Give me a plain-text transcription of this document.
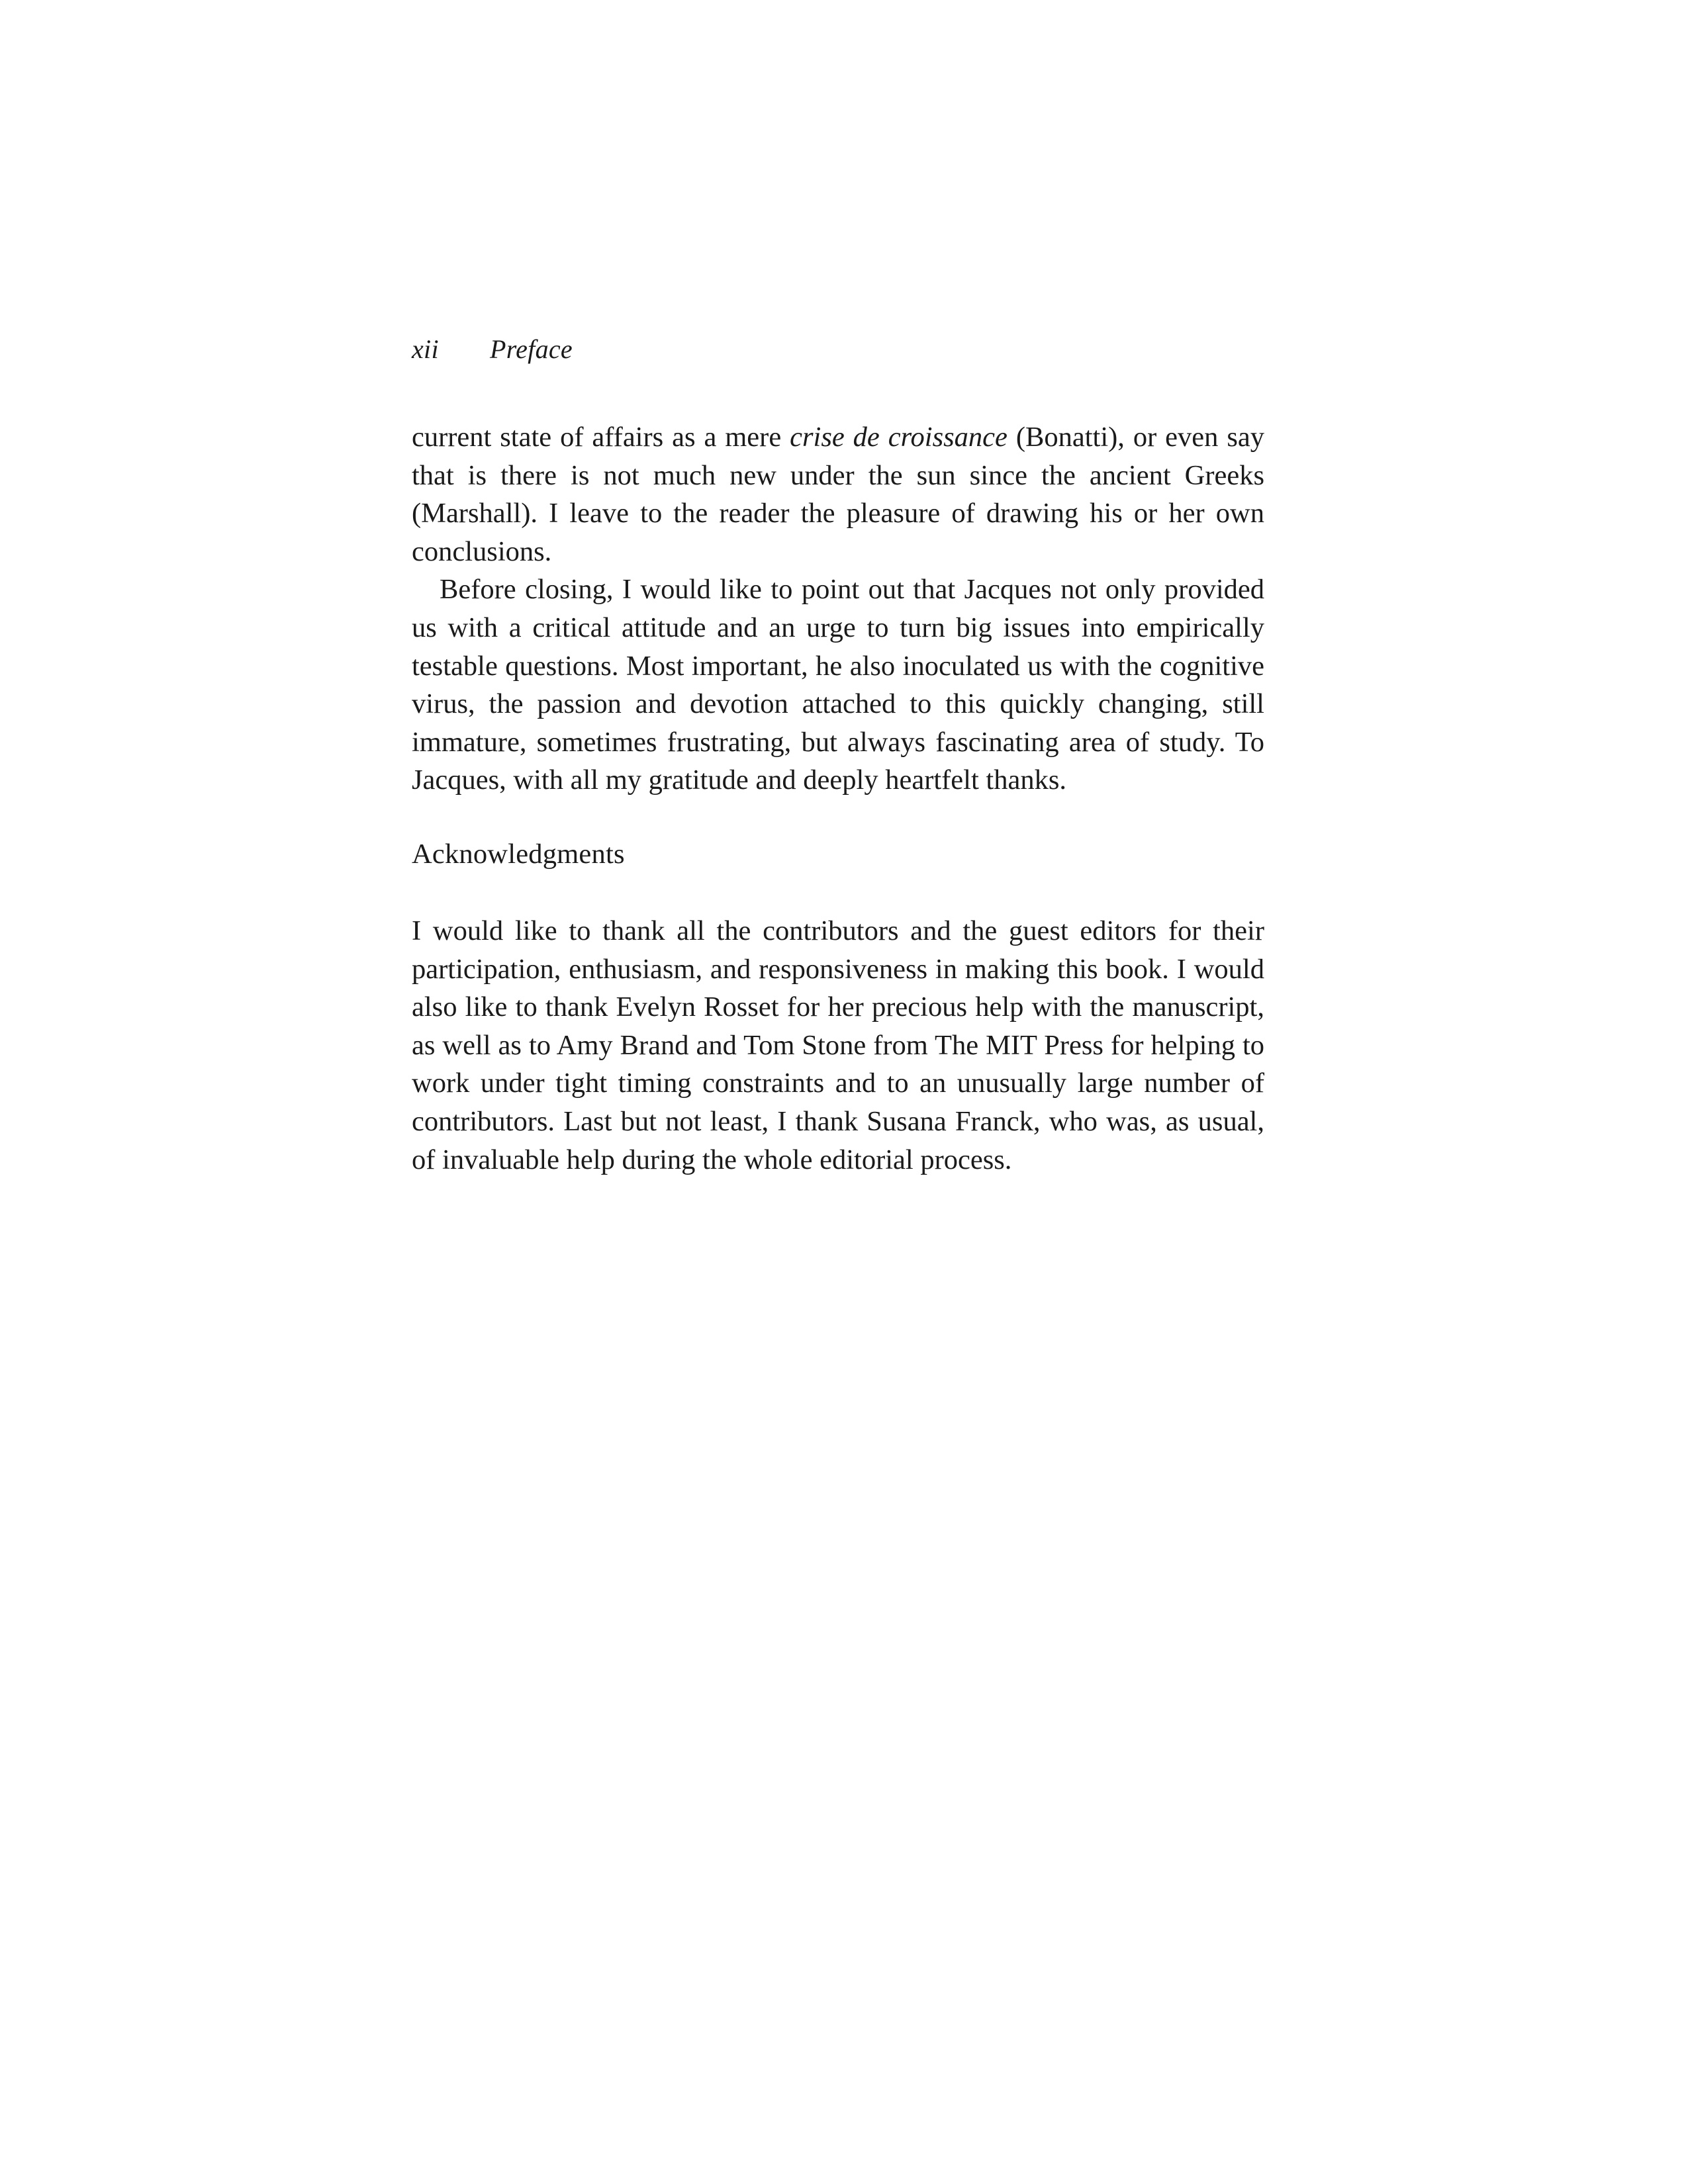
xii Preface

current state of affairs as a mere crise de croissance (Bonatti), or even say that is there is not much new under the sun since the ancient Greeks (Marshall). I leave to the reader the pleasure of drawing his or her own conclusions.

Before closing, I would like to point out that Jacques not only provided us with a critical attitude and an urge to turn big issues into empirically testable questions. Most important, he also inoculated us with the cognitive virus, the passion and devotion attached to this quickly changing, still immature, sometimes frustrating, but always fascinating area of study. To Jacques, with all my gratitude and deeply heartfelt thanks.

Acknowledgments

I would like to thank all the contributors and the guest editors for their participation, enthusiasm, and responsiveness in making this book. I would also like to thank Evelyn Rosset for her precious help with the manuscript, as well as to Amy Brand and Tom Stone from The MIT Press for helping to work under tight timing constraints and to an unusually large number of contributors. Last but not least, I thank Susana Franck, who was, as usual, of invaluable help during the whole editorial process.
